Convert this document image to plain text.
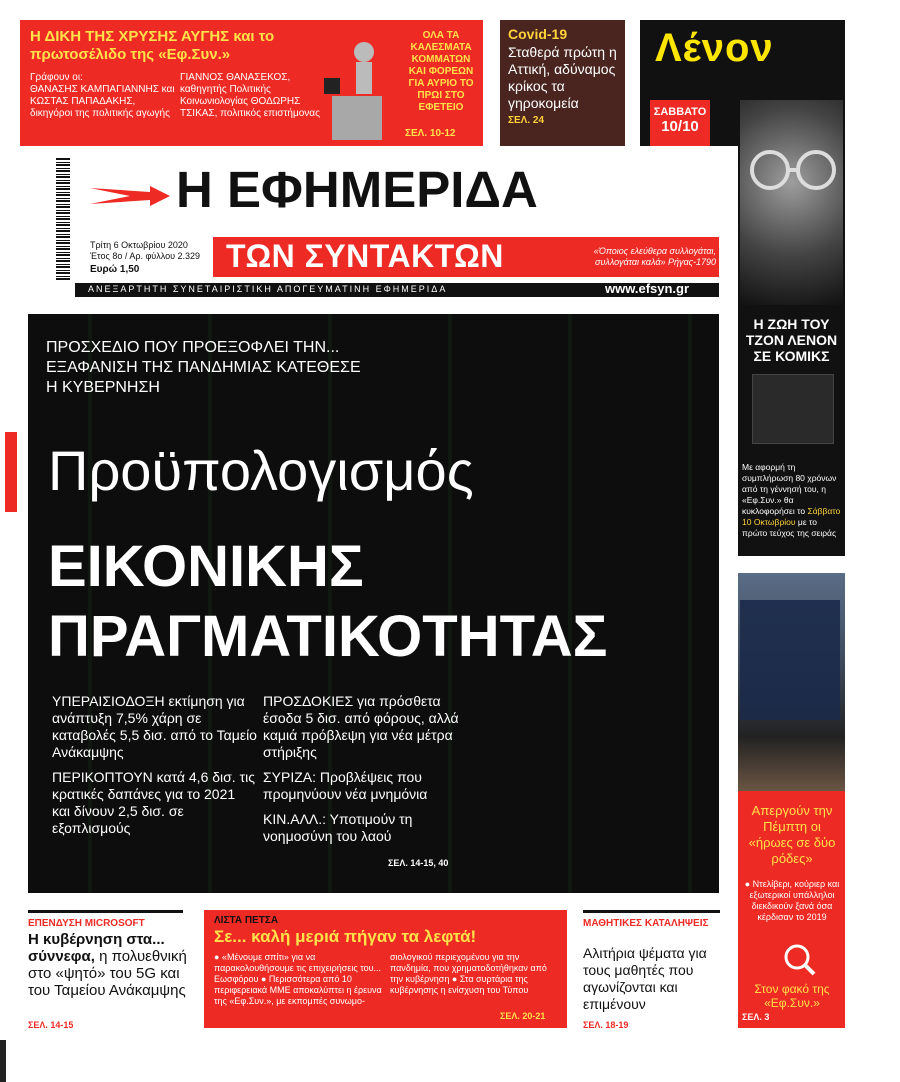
Η ΔΙΚΗ ΤΗΣ ΧΡΥΣΗΣ ΑΥΓΗΣ και το πρωτοσέλιδο της «Εφ.Συν.»
Γράφουν οι:
ΘΑΝΑΣΗΣ ΚΑΜΠΑΓΙΑΝΝΗΣ και ΚΩΣΤΑΣ ΠΑΠΑΔΑΚΗΣ, δικηγόροι της πολιτικής αγωγής
ΓΙΑΝΝΟΣ ΘΑΝΑΣΕΚΟΣ, καθηγητής Πολιτικής Κοινωνιολογίας ΘΟΔΩΡΗΣ ΤΣΙΚΑΣ, πολιτικός επιστήμονας
ΟΛΑ ΤΑ ΚΑΛΕΣΜΑΤΑ ΚΟΜΜΑΤΩΝ ΚΑΙ ΦΟΡΕΩΝ ΓΙΑ ΑΥΡΙΟ ΤΟ ΠΡΩΙ ΣΤΟ ΕΦΕΤΕΙΟ
ΣΕΛ. 10-12
Covid-19
Σταθερά πρώτη η Αττική, αδύναμος κρίκος τα γηροκομεία
ΣΕΛ. 24
Λένον
ΣΑΒΒΑΤΟ
10/10
Η ΖΩΗ ΤΟΥ
ΤΖΟΝ ΛΕΝΟΝ
ΣΕ ΚΟΜΙΚΣ
Με αφορμή τη συμπλήρωση 80 χρόνων από τη γέννησή του, η «Εφ.Συν.» θα κυκλοφορήσει το Σάββατο 10 Οκτωβρίου με το πρώτο τεύχος της σειράς
Η ΕΦΗΜΕΡΙΔΑ
Τρίτη 6 Οκτωβρίου 2020
Έτος 8ο / Αρ. φύλλου 2.329
Ευρώ 1,50	ΤΩΝ ΣΥΝΤΑΚΤΩΝ	«Όποιος ελεύθερα συλλογάται, συλλογάται καλά» Ρήγας-1790
ΑΝΕΞΑΡΤΗΤΗ ΣΥΝΕΤΑΙΡΙΣΤΙΚΗ ΑΠΟΓΕΥΜΑΤΙΝΗ ΕΦΗΜΕΡΙΔΑ	www.efsyn.gr
ΠΡΟΣΧΕΔΙΟ ΠΟΥ ΠΡΟΕΞΟΦΛΕΙ ΤΗΝ... ΕΞΑΦΑΝΙΣΗ ΤΗΣ ΠΑΝΔΗΜΙΑΣ ΚΑΤΕΘΕΣΕ Η ΚΥΒΕΡΝΗΣΗ
Προϋπολογισμός
ΕΙΚΟΝΙΚΗΣ
ΠΡΑΓΜΑΤΙΚΟΤΗΤΑΣ

ΥΠΕΡΑΙΣΙΟΔΟΞΗ εκτίμηση για ανάπτυξη 7,5% χάρη σε καταβολές 5,5 δισ. από το Ταμείο Ανάκαμψης

ΠΕΡΙΚΟΠΤΟΥΝ κατά 4,6 δισ. τις κρατικές δαπάνες για το 2021 και δίνουν 2,5 δισ. σε εξοπλισμούς

ΠΡΟΣΔΟΚΙΕΣ για πρόσθετα έσοδα 5 δισ. από φόρους, αλλά καμιά πρόβλεψη για νέα μέτρα στήριξης

ΣΥΡΙΖΑ: Προβλέψεις που προμηνύουν νέα μνημόνια

ΚΙΝ.ΑΛΛ.: Υποτιμούν τη νοημοσύνη του λαού

ΣΕΛ. 14-15, 40
Απεργούν την Πέμπτη οι «ήρωες σε δύο ρόδες»
● Ντελίβερι, κούριερ και εξωτερικοί υπάλληλοι διεκδικούν ξανά όσα κέρδισαν το 2019
Στον φακό της «Εφ.Συν.»
ΣΕΛ. 3
ΕΠΕΝΔΥΣΗ MICROSOFT
Η κυβέρνηση στα... σύννεφα, η πολυεθνική στο «ψητό» του 5G και του Ταμείου Ανάκαμψης
ΣΕΛ. 14-15
ΛΙΣΤΑ ΠΕΤΣΑ
Σε... καλή μεριά πήγαν τα λεφτά!
● «Μένουμε σπίτι» για να παρακολουθήσουμε τις επιχειρήσεις του... Εωσφόρου ● Περισσότερα από 10 περιφερειακά ΜΜΕ αποκαλύπτει η έρευνα της «Εφ.Συν.», με εκπομπές συνωμο-
σιολογικού περιεχομένου για την πανδημία, που χρηματοδοτήθηκαν από την κυβέρνηση ● Στα συρτάρια της κυβέρνησης η ενίσχυση του Τύπου
ΣΕΛ. 20-21
ΜΑΘΗΤΙΚΕΣ ΚΑΤΑΛΗΨΕΙΣ
Αλιτήρια ψέματα για τους μαθητές που αγωνίζονται και επιμένουν
ΣΕΛ. 18-19
